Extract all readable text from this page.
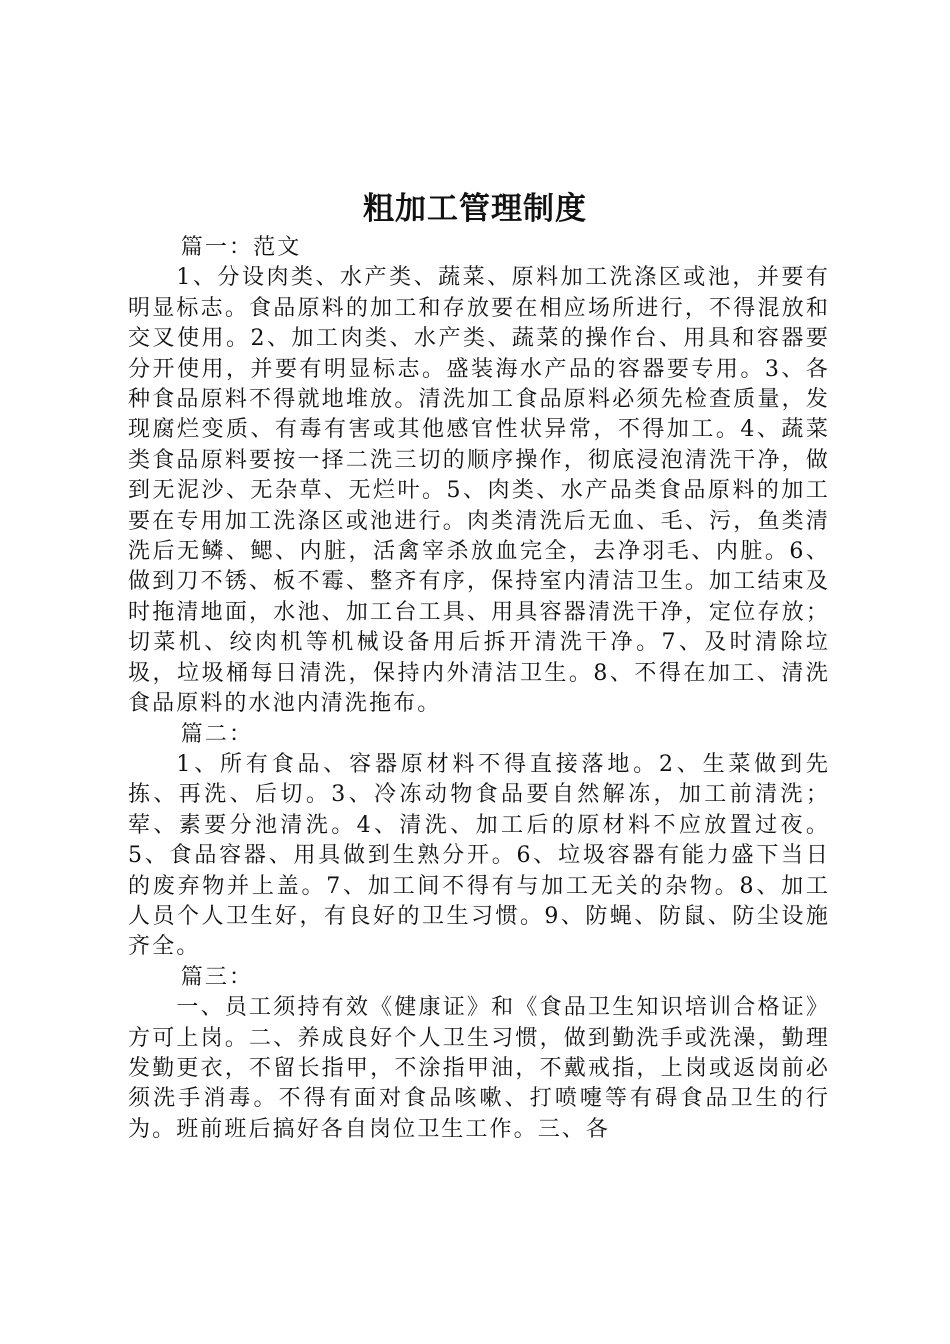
粗加工管理制度

篇一：范文

1、分设肉类、水产类、蔬菜、原料加工洗涤区或池，并要有明显标志。食品原料的加工和存放要在相应场所进行，不得混放和交叉使用。2、加工肉类、水产类、蔬菜的操作台、用具和容器要分开使用，并要有明显标志。盛装海水产品的容器要专用。3、各种食品原料不得就地堆放。清洗加工食品原料必须先检查质量，发现腐烂变质、有毒有害或其他感官性状异常，不得加工。4、蔬菜类食品原料要按一择二洗三切的顺序操作，彻底浸泡清洗干净，做到无泥沙、无杂草、无烂叶。5、肉类、水产品类食品原料的加工要在专用加工洗涤区或池进行。肉类清洗后无血、毛、污，鱼类清洗后无鳞、鳃、内脏，活禽宰杀放血完全，去净羽毛、内脏。6、做到刀不锈、板不霉、整齐有序，保持室内清洁卫生。加工结束及时拖清地面，水池、加工台工具、用具容器清洗干净，定位存放；切菜机、绞肉机等机械设备用后拆开清洗干净。7、及时清除垃圾，垃圾桶每日清洗，保持内外清洁卫生。8、不得在加工、清洗食品原料的水池内清洗拖布。

篇二：

1、所有食品、容器原材料不得直接落地。2、生菜做到先拣、再洗、后切。3、冷冻动物食品要自然解冻，加工前清洗；荤、素要分池清洗。4、清洗、加工后的原材料不应放置过夜。5、食品容器、用具做到生熟分开。6、垃圾容器有能力盛下当日的废弃物并上盖。7、加工间不得有与加工无关的杂物。8、加工人员个人卫生好，有良好的卫生习惯。9、防蝇、防鼠、防尘设施齐全。

篇三：

一、员工须持有效《健康证》和《食品卫生知识培训合格证》方可上岗。二、养成良好个人卫生习惯，做到勤洗手或洗澡，勤理发勤更衣，不留长指甲，不涂指甲油，不戴戒指，上岗或返岗前必须洗手消毒。不得有面对食品咳嗽、打喷嚏等有碍食品卫生的行为。班前班后搞好各自岗位卫生工作。三、各
